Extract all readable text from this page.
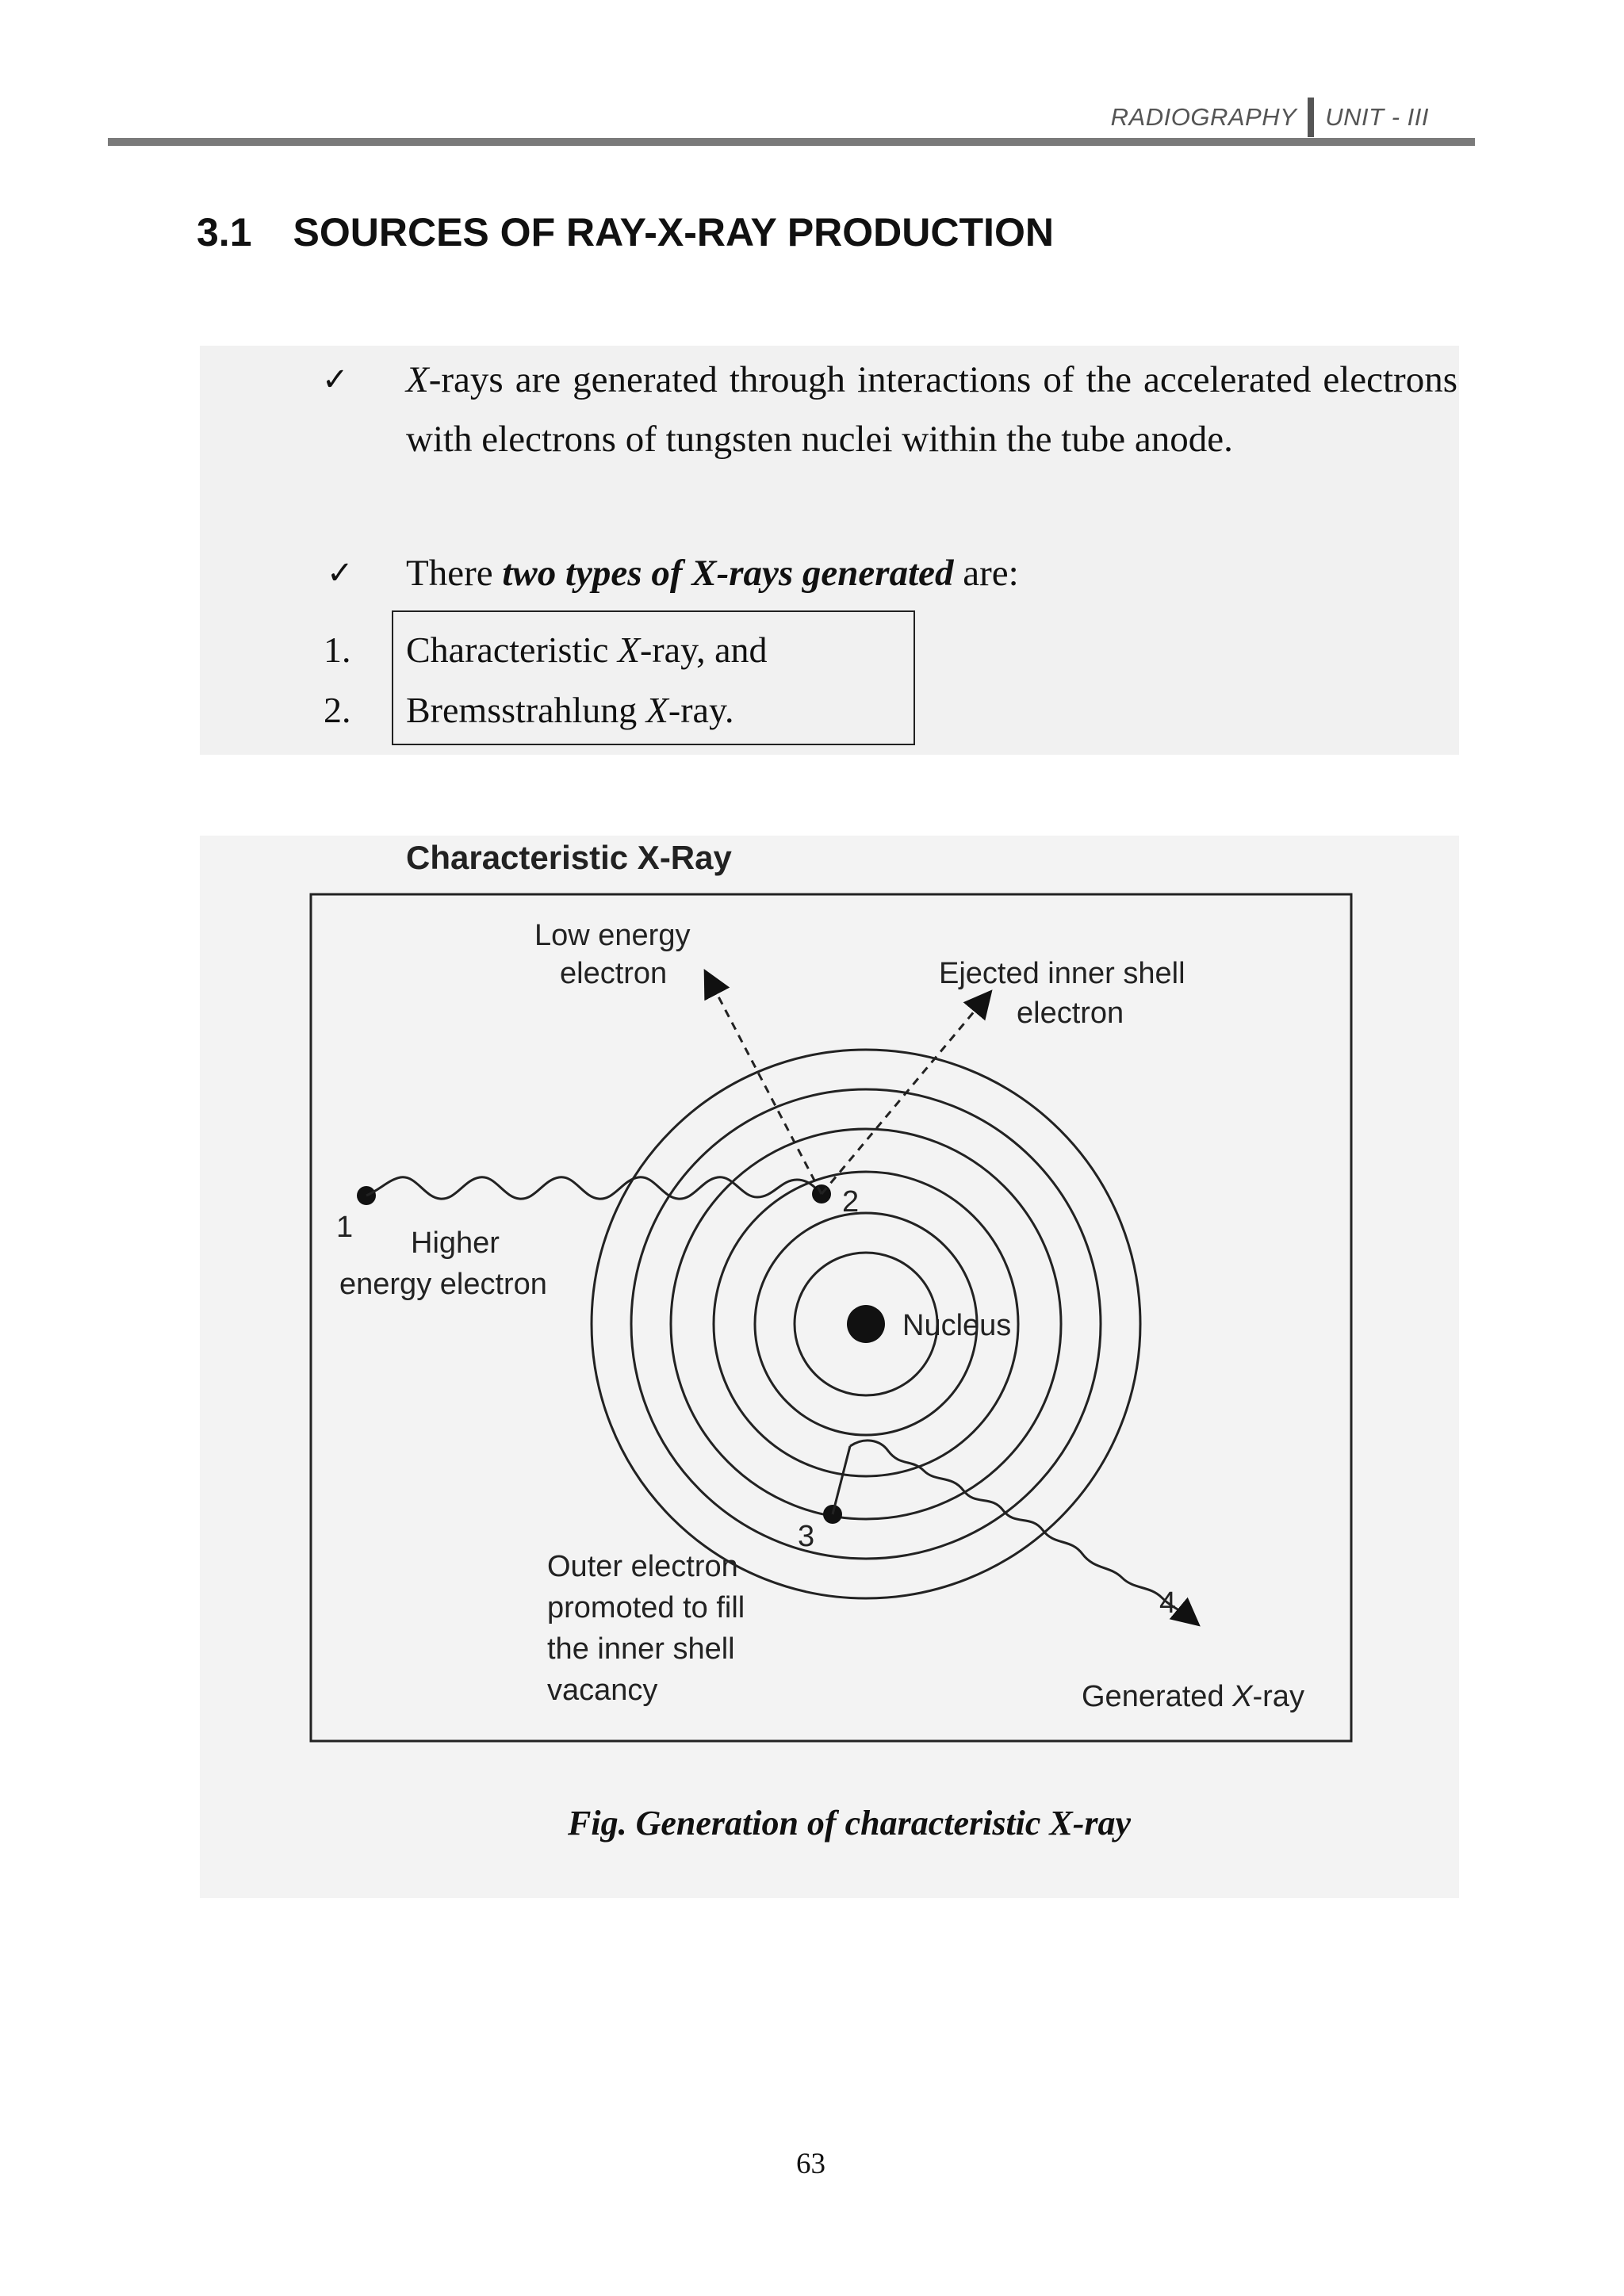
RADIOGRAPHY UNIT - III
3.1 SOURCES OF RAY-X-RAY PRODUCTION
✓ X-rays are generated through interactions of the accelerated electrons with electrons of tungsten nuclei within the tube anode.
✓ There two types of X-rays generated are:
1.	Characteristic X-ray, and
2.	Bremsstrahlung X-ray.
Characteristic X-Ray
Nucleus
Low energy
electron	Ejected inner shell
electron
1
2
3
4
Higher
energy electron
Outer electron
promoted to fill
the inner shell
vacancy	Generated X-ray
Fig. Generation of characteristic X-ray
63
